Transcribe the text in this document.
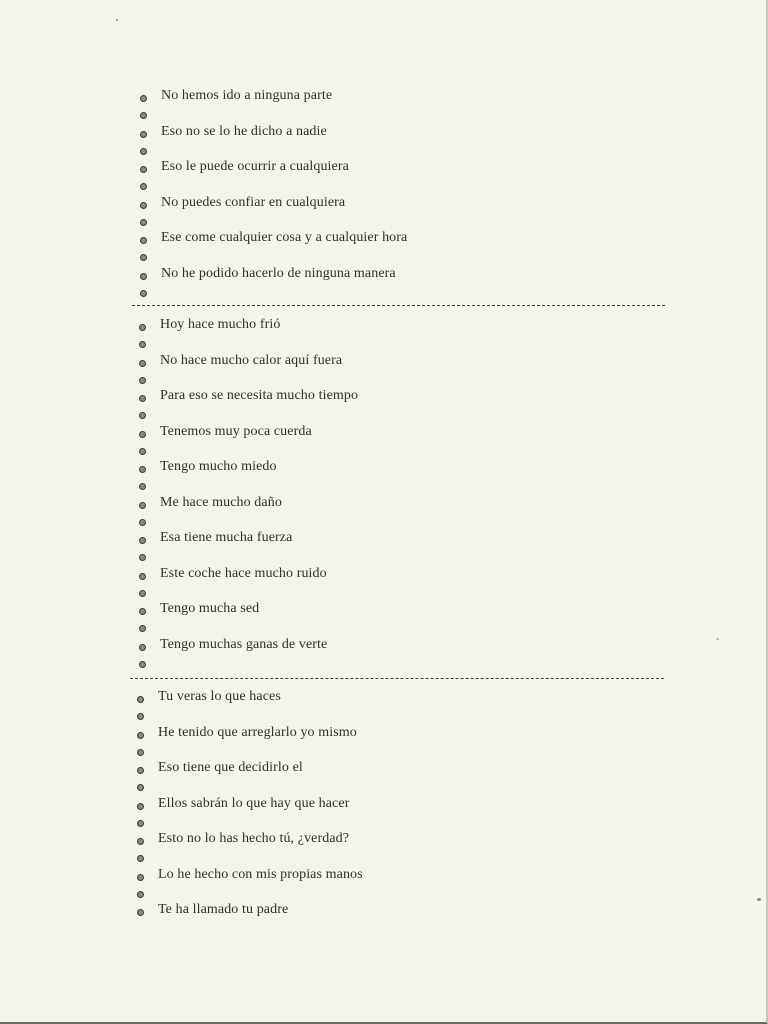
No hemos ido a ninguna parte
Eso no se lo he dicho a nadie
Eso le puede ocurrir a cualquiera
No puedes confiar en cualquiera
Ese come cualquier cosa y a cualquier hora
No he podido hacerlo de ninguna manera
Hoy hace mucho frió
No hace mucho calor aquí fuera
Para eso se necesita mucho tiempo
Tenemos muy poca cuerda
Tengo mucho miedo
Me hace mucho daño
Esa tiene mucha fuerza
Este coche hace mucho ruido
Tengo mucha sed
Tengo muchas ganas de verte
Tu veras lo que haces
He tenido que arreglarlo yo mismo
Eso tiene que decidirlo el
Ellos sabrán lo que hay que hacer
Esto no lo has hecho tú, ¿verdad?
Lo he hecho con mis propias manos
Te ha llamado tu padre
